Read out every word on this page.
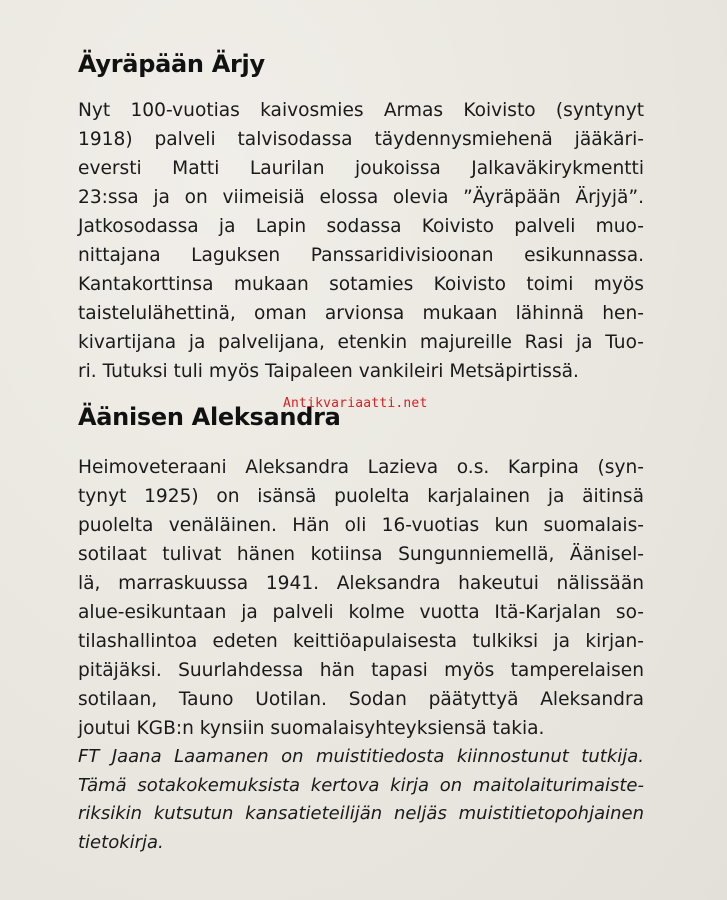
Äyräpään Ärjy
Nyt 100-vuotias kaivosmies Armas Koivisto (syntynyt
1918) palveli talvisodassa täydennysmiehenä jääkäri-
eversti Matti Laurilan joukoissa Jalkaväkirykmentti
23:ssa ja on viimeisiä elossa olevia ”Äyräpään Ärjyjä”.
Jatkosodassa ja Lapin sodassa Koivisto palveli muo-
nittajana Laguksen Panssaridivisioonan esikunnassa.
Kantakorttinsa mukaan sotamies Koivisto toimi myös
taistelulähettinä, oman arvionsa mukaan lähinnä hen-
kivartijana ja palvelijana, etenkin majureille Rasi ja Tuo-
ri. Tutuksi tuli myös Taipaleen vankileiri Metsäpirtissä.
Äänisen Aleksandra
Heimoveteraani Aleksandra Lazieva o.s. Karpina (syn-
tynyt 1925) on isänsä puolelta karjalainen ja äitinsä
puolelta venäläinen. Hän oli 16-vuotias kun suomalais-
sotilaat tulivat hänen kotiinsa Sungunniemellä, Äänisel-
lä, marraskuussa 1941. Aleksandra hakeutui nälissään
alue-esikuntaan ja palveli kolme vuotta Itä-Karjalan so-
tilashallintoa edeten keittiöapulaisesta tulkiksi ja kirjan-
pitäjäksi. Suurlahdessa hän tapasi myös tamperelaisen
sotilaan, Tauno Uotilan. Sodan päätyttyä Aleksandra
joutui KGB:n kynsiin suomalaisyhteyksiensä takia.
FT Jaana Laamanen on muistitiedosta kiinnostunut tutkija.
Tämä sotakokemuksista kertova kirja on maitolaiturimaiste-
riksikin kutsutun kansatieteilijän neljäs muistitietopohjainen
tietokirja.
Antikvariaatti.net
